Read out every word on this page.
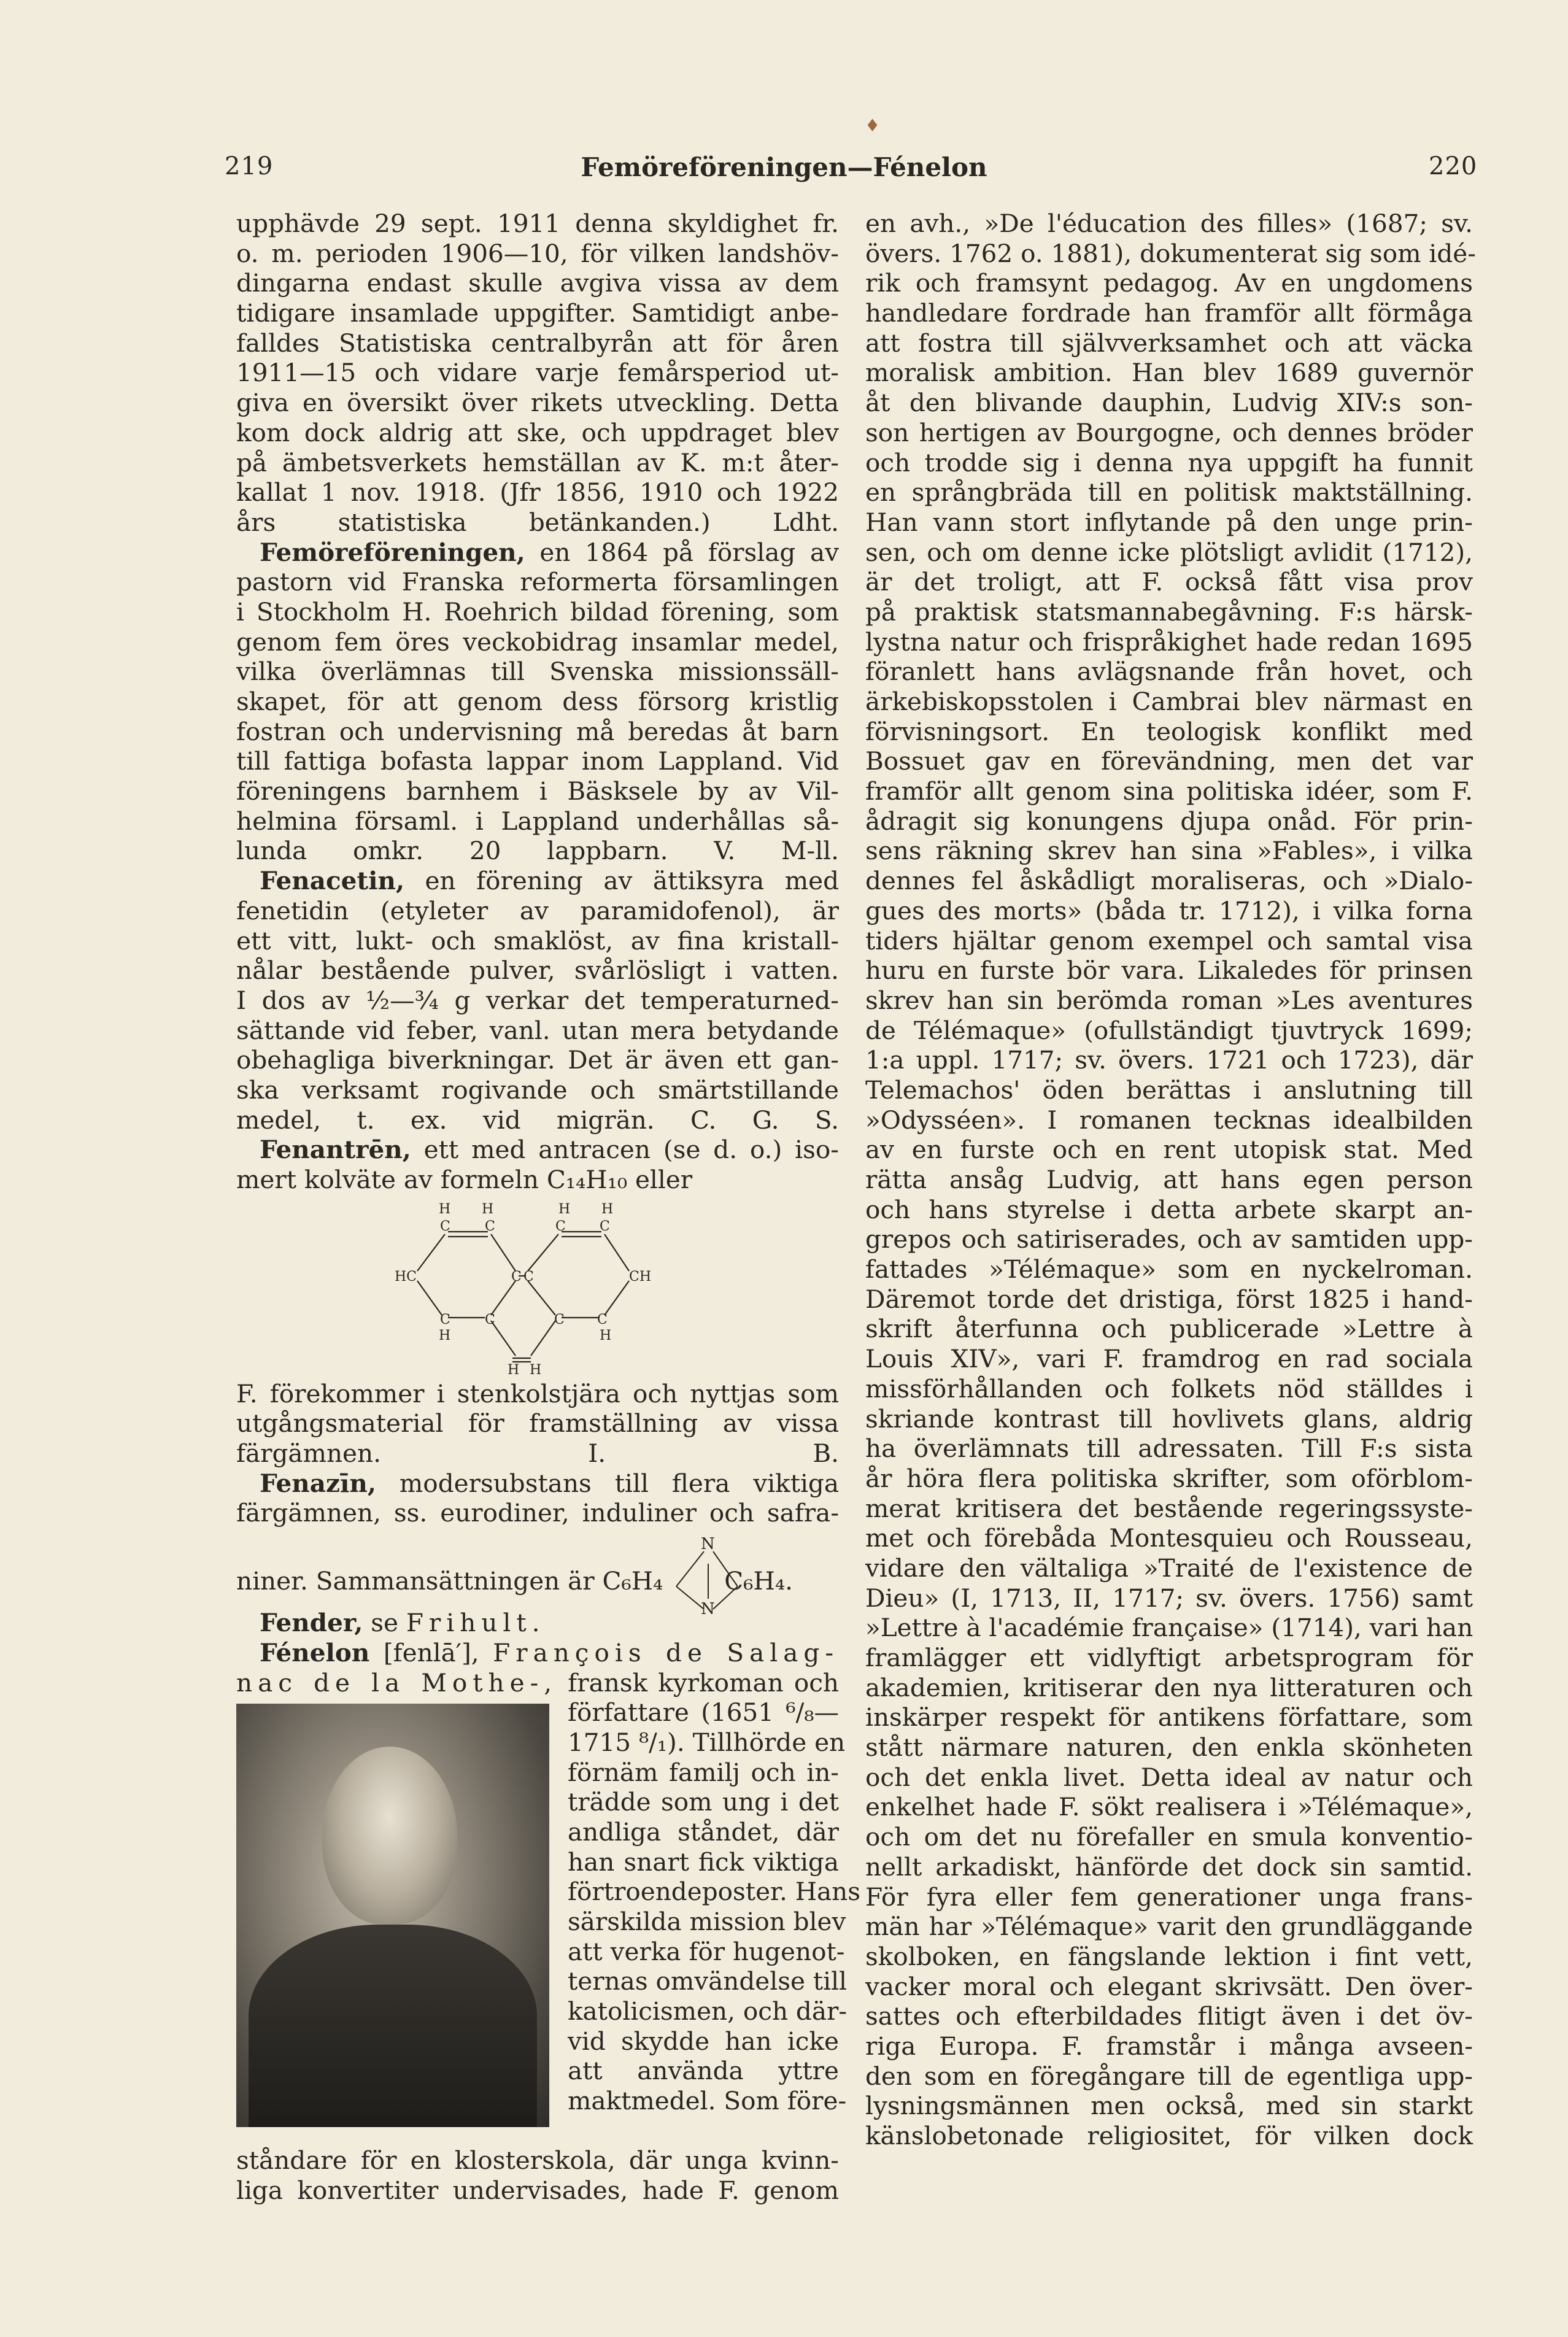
♦
219	Femöreföreningen—Fénelon	220
upphävde 29 sept. 1911 denna skyldighet fr.
o. m. perioden 1906—10, för vilken landshöv-
dingarna endast skulle avgiva vissa av dem
tidigare insamlade uppgifter. Samtidigt anbe-
falldes Statistiska centralbyrån att för åren
1911—15 och vidare varje femårsperiod ut-
giva en översikt över rikets utveckling. Detta
kom dock aldrig att ske, och uppdraget blev
på ämbetsverkets hemställan av K. m:t åter-
kallat 1 nov. 1918. (Jfr 1856, 1910 och 1922
års statistiska betänkanden.) Ldht.
Femöreföreningen, en 1864 på förslag av
pastorn vid Franska reformerta församlingen
i Stockholm H. Roehrich bildad förening, som
genom fem öres veckobidrag insamlar medel,
vilka överlämnas till Svenska missionssäll-
skapet, för att genom dess försorg kristlig
fostran och undervisning må beredas åt barn
till fattiga bofasta lappar inom Lappland. Vid
föreningens barnhem i Bäsksele by av Vil-
helmina församl. i Lappland underhållas så-
lunda omkr. 20 lappbarn. V. M-ll.
Fenacetin, en förening av ättiksyra med
fenetidin (etyleter av paramidofenol), är
ett vitt, lukt- och smaklöst, av fina kristall-
nålar bestående pulver, svårlösligt i vatten.
I dos av ½—¾ g verkar det temperaturned-
sättande vid feber, vanl. utan mera betydande
obehagliga biverkningar. Det är även ett gan-
ska verksamt rogivande och smärtstillande
medel, t. ex. vid migrän. C. G. S.
Fenantrēn, ett med antracen (se d. o.) iso-
mert kolväte av formeln C₁₄H₁₀ eller
H H	H H
C	C	C	C
HC	C C	CH
C	C	C C
H	H
H H
F. förekommer i stenkolstjära och nyttjas som
utgångsmaterial för framställning av vissa
färgämnen. I. B.
Fenazīn, modersubstans till flera viktiga
färgämnen, ss. eurodiner, induliner och safra-
niner. Sammansättningen är C₆H₄ C₆H₄.
N
N
Fender, se Frihult.
Fénelon [fenlā′], François de Salag-
nac de la Mothe-, fransk kyrkoman och
författare (1651 ⁶/₈—
1715 ⁸/₁). Tillhörde en
förnäm familj och in-
trädde som ung i det
andliga ståndet, där
han snart fick viktiga
förtroendeposter. Hans
särskilda mission blev
att verka för hugenot-
ternas omvändelse till
katolicismen, och där-
vid skydde han icke
att använda yttre
maktmedel. Som före-
ståndare för en klosterskola, där unga kvinn-
liga konvertiter undervisades, hade F. genom
en avh., »De l'éducation des filles» (1687; sv.
övers. 1762 o. 1881), dokumenterat sig som idé-
rik och framsynt pedagog. Av en ungdomens
handledare fordrade han framför allt förmåga
att fostra till självverksamhet och att väcka
moralisk ambition. Han blev 1689 guvernör
åt den blivande dauphin, Ludvig XIV:s son-
son hertigen av Bourgogne, och dennes bröder
och trodde sig i denna nya uppgift ha funnit
en språngbräda till en politisk maktställning.
Han vann stort inflytande på den unge prin-
sen, och om denne icke plötsligt avlidit (1712),
är det troligt, att F. också fått visa prov
på praktisk statsmannabegåvning. F:s härsk-
lystna natur och frispråkighet hade redan 1695
föranlett hans avlägsnande från hovet, och
ärkebiskopsstolen i Cambrai blev närmast en
förvisningsort. En teologisk konflikt med
Bossuet gav en förevändning, men det var
framför allt genom sina politiska idéer, som F.
ådragit sig konungens djupa onåd. För prin-
sens räkning skrev han sina »Fables», i vilka
dennes fel åskådligt moraliseras, och »Dialo-
gues des morts» (båda tr. 1712), i vilka forna
tiders hjältar genom exempel och samtal visa
huru en furste bör vara. Likaledes för prinsen
skrev han sin berömda roman »Les aventures
de Télémaque» (ofullständigt tjuvtryck 1699;
1:a uppl. 1717; sv. övers. 1721 och 1723), där
Telemachos' öden berättas i anslutning till
»Odysséen». I romanen tecknas idealbilden
av en furste och en rent utopisk stat. Med
rätta ansåg Ludvig, att hans egen person
och hans styrelse i detta arbete skarpt an-
grepos och satiriserades, och av samtiden upp-
fattades »Télémaque» som en nyckelroman.
Däremot torde det dristiga, först 1825 i hand-
skrift återfunna och publicerade »Lettre à
Louis XIV», vari F. framdrog en rad sociala
missförhållanden och folkets nöd ställdes i
skriande kontrast till hovlivets glans, aldrig
ha överlämnats till adressaten. Till F:s sista
år höra flera politiska skrifter, som oförblom-
merat kritisera det bestående regeringssyste-
met och förebåda Montesquieu och Rousseau,
vidare den vältaliga »Traité de l'existence de
Dieu» (I, 1713, II, 1717; sv. övers. 1756) samt
»Lettre à l'académie française» (1714), vari han
framlägger ett vidlyftigt arbetsprogram för
akademien, kritiserar den nya litteraturen och
inskärper respekt för antikens författare, som
stått närmare naturen, den enkla skönheten
och det enkla livet. Detta ideal av natur och
enkelhet hade F. sökt realisera i »Télémaque»,
och om det nu förefaller en smula konventio-
nellt arkadiskt, hänförde det dock sin samtid.
För fyra eller fem generationer unga frans-
män har »Télémaque» varit den grundläggande
skolboken, en fängslande lektion i fint vett,
vacker moral och elegant skrivsätt. Den över-
sattes och efterbildades flitigt även i det öv-
riga Europa. F. framstår i många avseen-
den som en föregångare till de egentliga upp-
lysningsmännen men också, med sin starkt
känslobetonade religiositet, för vilken dock
